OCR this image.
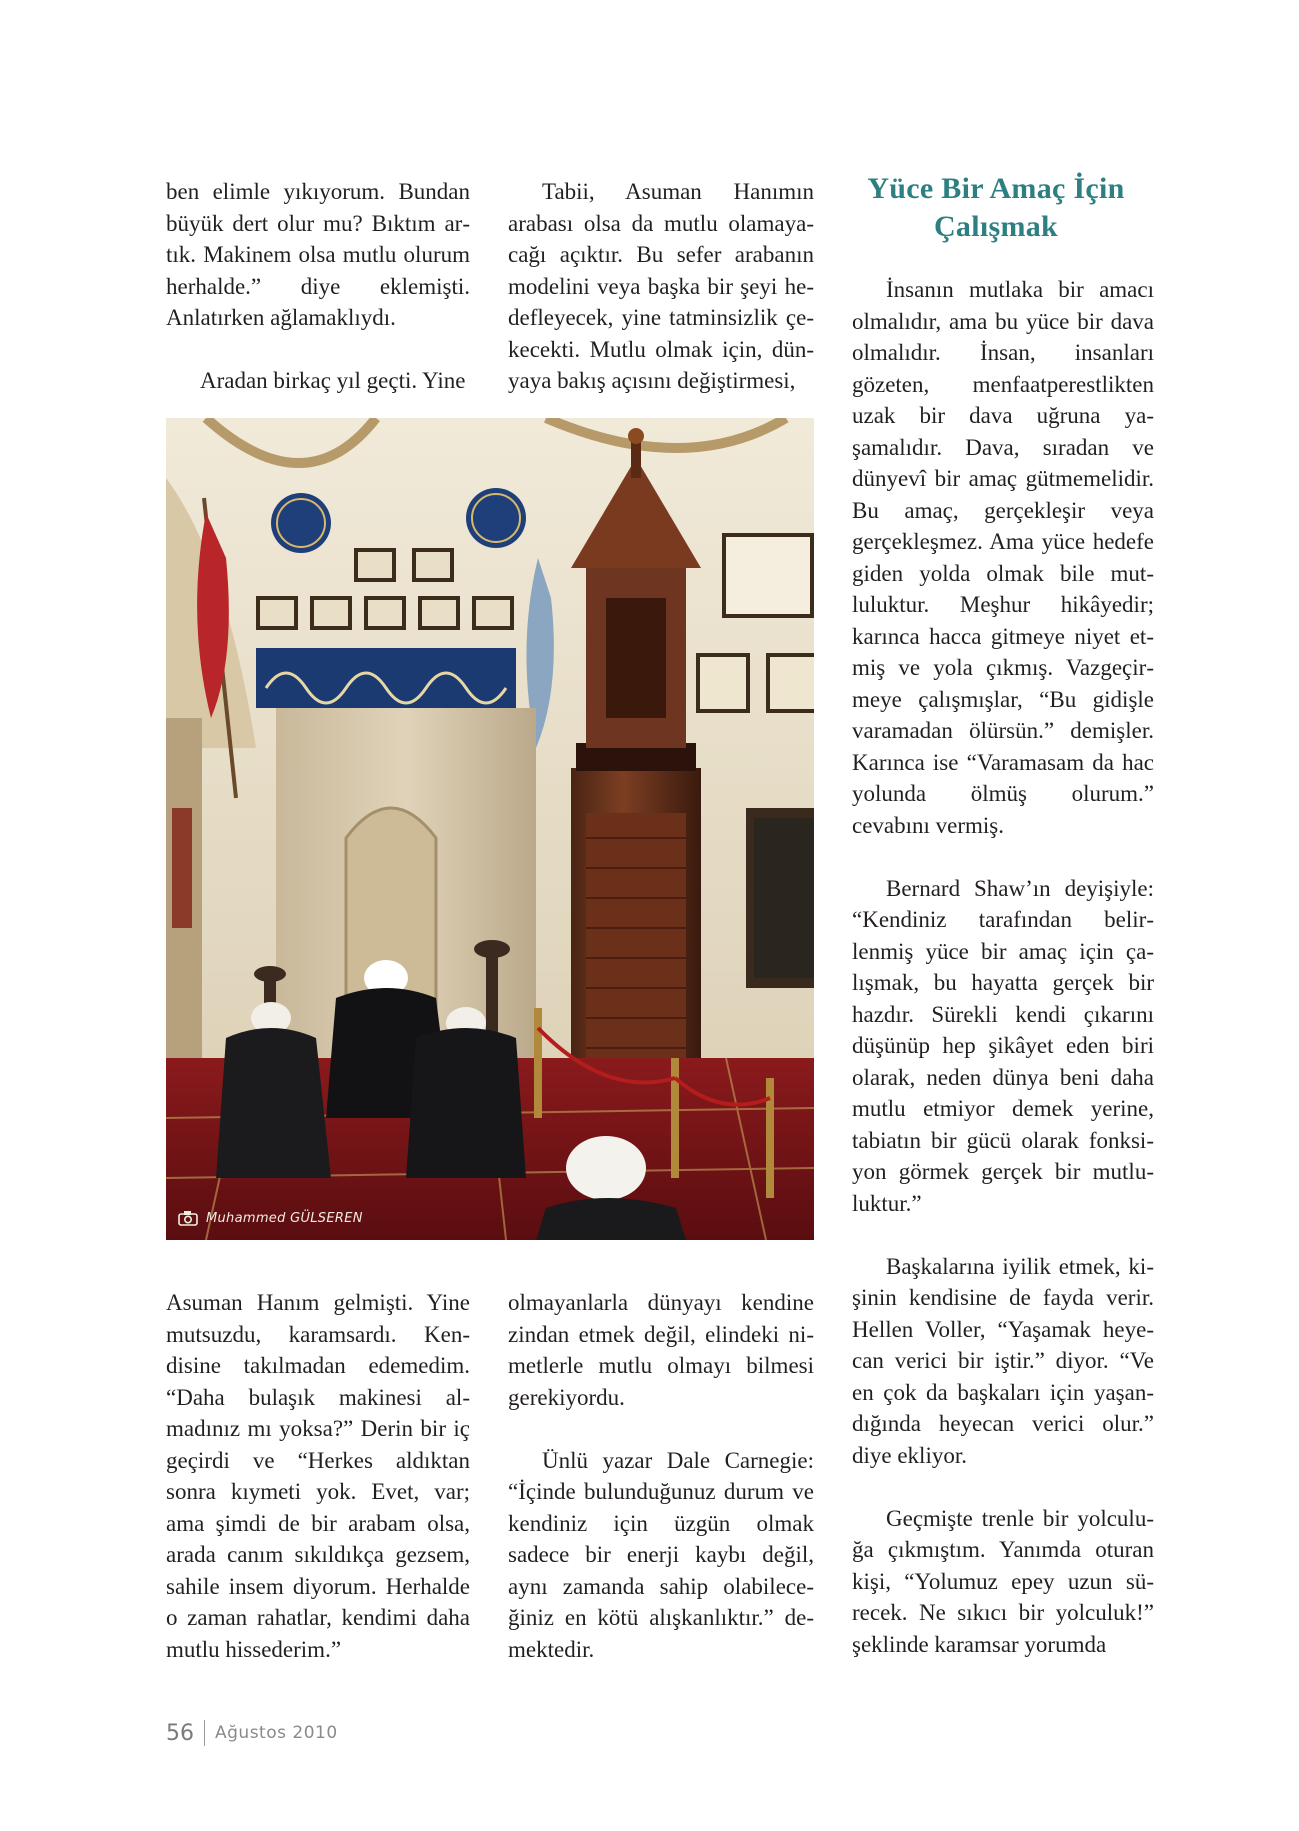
ben elimle yıkıyorum. Bundan büyük dert olur mu? Bıktım artık. Makinem olsa mutlu olurum herhalde.” diye eklemişti. Anlatırken ağlamaklıydı.

Aradan birkaç yıl geçti. Yine

Tabii, Asuman Hanımın arabası olsa da mutlu olamayacağı açıktır. Bu sefer arabanın modelini veya başka bir şeyi hedefleyecek, yine tatminsizlik çekecekti. Mutlu olmak için, dünyaya bakış açısını değiştirmesi,

Yüce Bir Amaç İçin Çalışmak

İnsanın mutlaka bir amacı olmalıdır, ama bu yüce bir dava olmalıdır. İnsan, insanları gözeten, menfaatperestlikten uzak bir dava uğruna yaşamalıdır. Dava, sıradan ve dünyevî bir amaç gütmemelidir. Bu amaç, gerçekleşir veya gerçekleşmez. Ama yüce hedefe giden yolda olmak bile mutluluktur. Meşhur hikâyedir; karınca hacca gitmeye niyet etmiş ve yola çıkmış. Vazgeçirmeye çalışmışlar, “Bu gidişle varamadan ölürsün.” demişler. Karınca ise “Varamasam da hac yolunda ölmüş olurum.” cevabını vermiş.

Bernard Shaw’ın deyişiyle: “Kendiniz tarafından belirlenmiş yüce bir amaç için çalışmak, bu hayatta gerçek bir hazdır. Sürekli kendi çıkarını düşünüp hep şikâyet eden biri olarak, neden dünya beni daha mutlu etmiyor demek yerine, tabiatın bir gücü olarak fonksiyon görmek gerçek bir mutluluktur.”

Başkalarına iyilik etmek, kişinin kendisine de fayda verir. Hellen Voller, “Yaşamak heyecan verici bir iştir.” diyor. “Ve en çok da başkaları için yaşandığında heyecan verici olur.” diye ekliyor.

Geçmişte trenle bir yolculuğa çıkmıştım. Yanımda oturan kişi, “Yolumuz epey uzun sürecek. Ne sıkıcı bir yolculuk!” şeklinde karamsar yorumda

Muhammed GÜLSEREN

Asuman Hanım gelmişti. Yine mutsuzdu, karamsardı. Kendisine takılmadan edemedim. “Daha bulaşık makinesi almadınız mı yoksa?” Derin bir iç geçirdi ve “Herkes aldıktan sonra kıymeti yok. Evet, var; ama şimdi de bir arabam olsa, arada canım sıkıldıkça gezsem, sahile insem diyorum. Herhalde o zaman rahatlar, kendimi daha mutlu hissederim.”

olmayanlarla dünyayı kendine zindan etmek değil, elindeki nimetlerle mutlu olmayı bilmesi gerekiyordu.

Ünlü yazar Dale Carnegie: “İçinde bulunduğunuz durum ve kendiniz için üzgün olmak sadece bir enerji kaybı değil, aynı zamanda sahip olabileceğiniz en kötü alışkanlıktır.” demektedir.

56 Ağustos 2010
